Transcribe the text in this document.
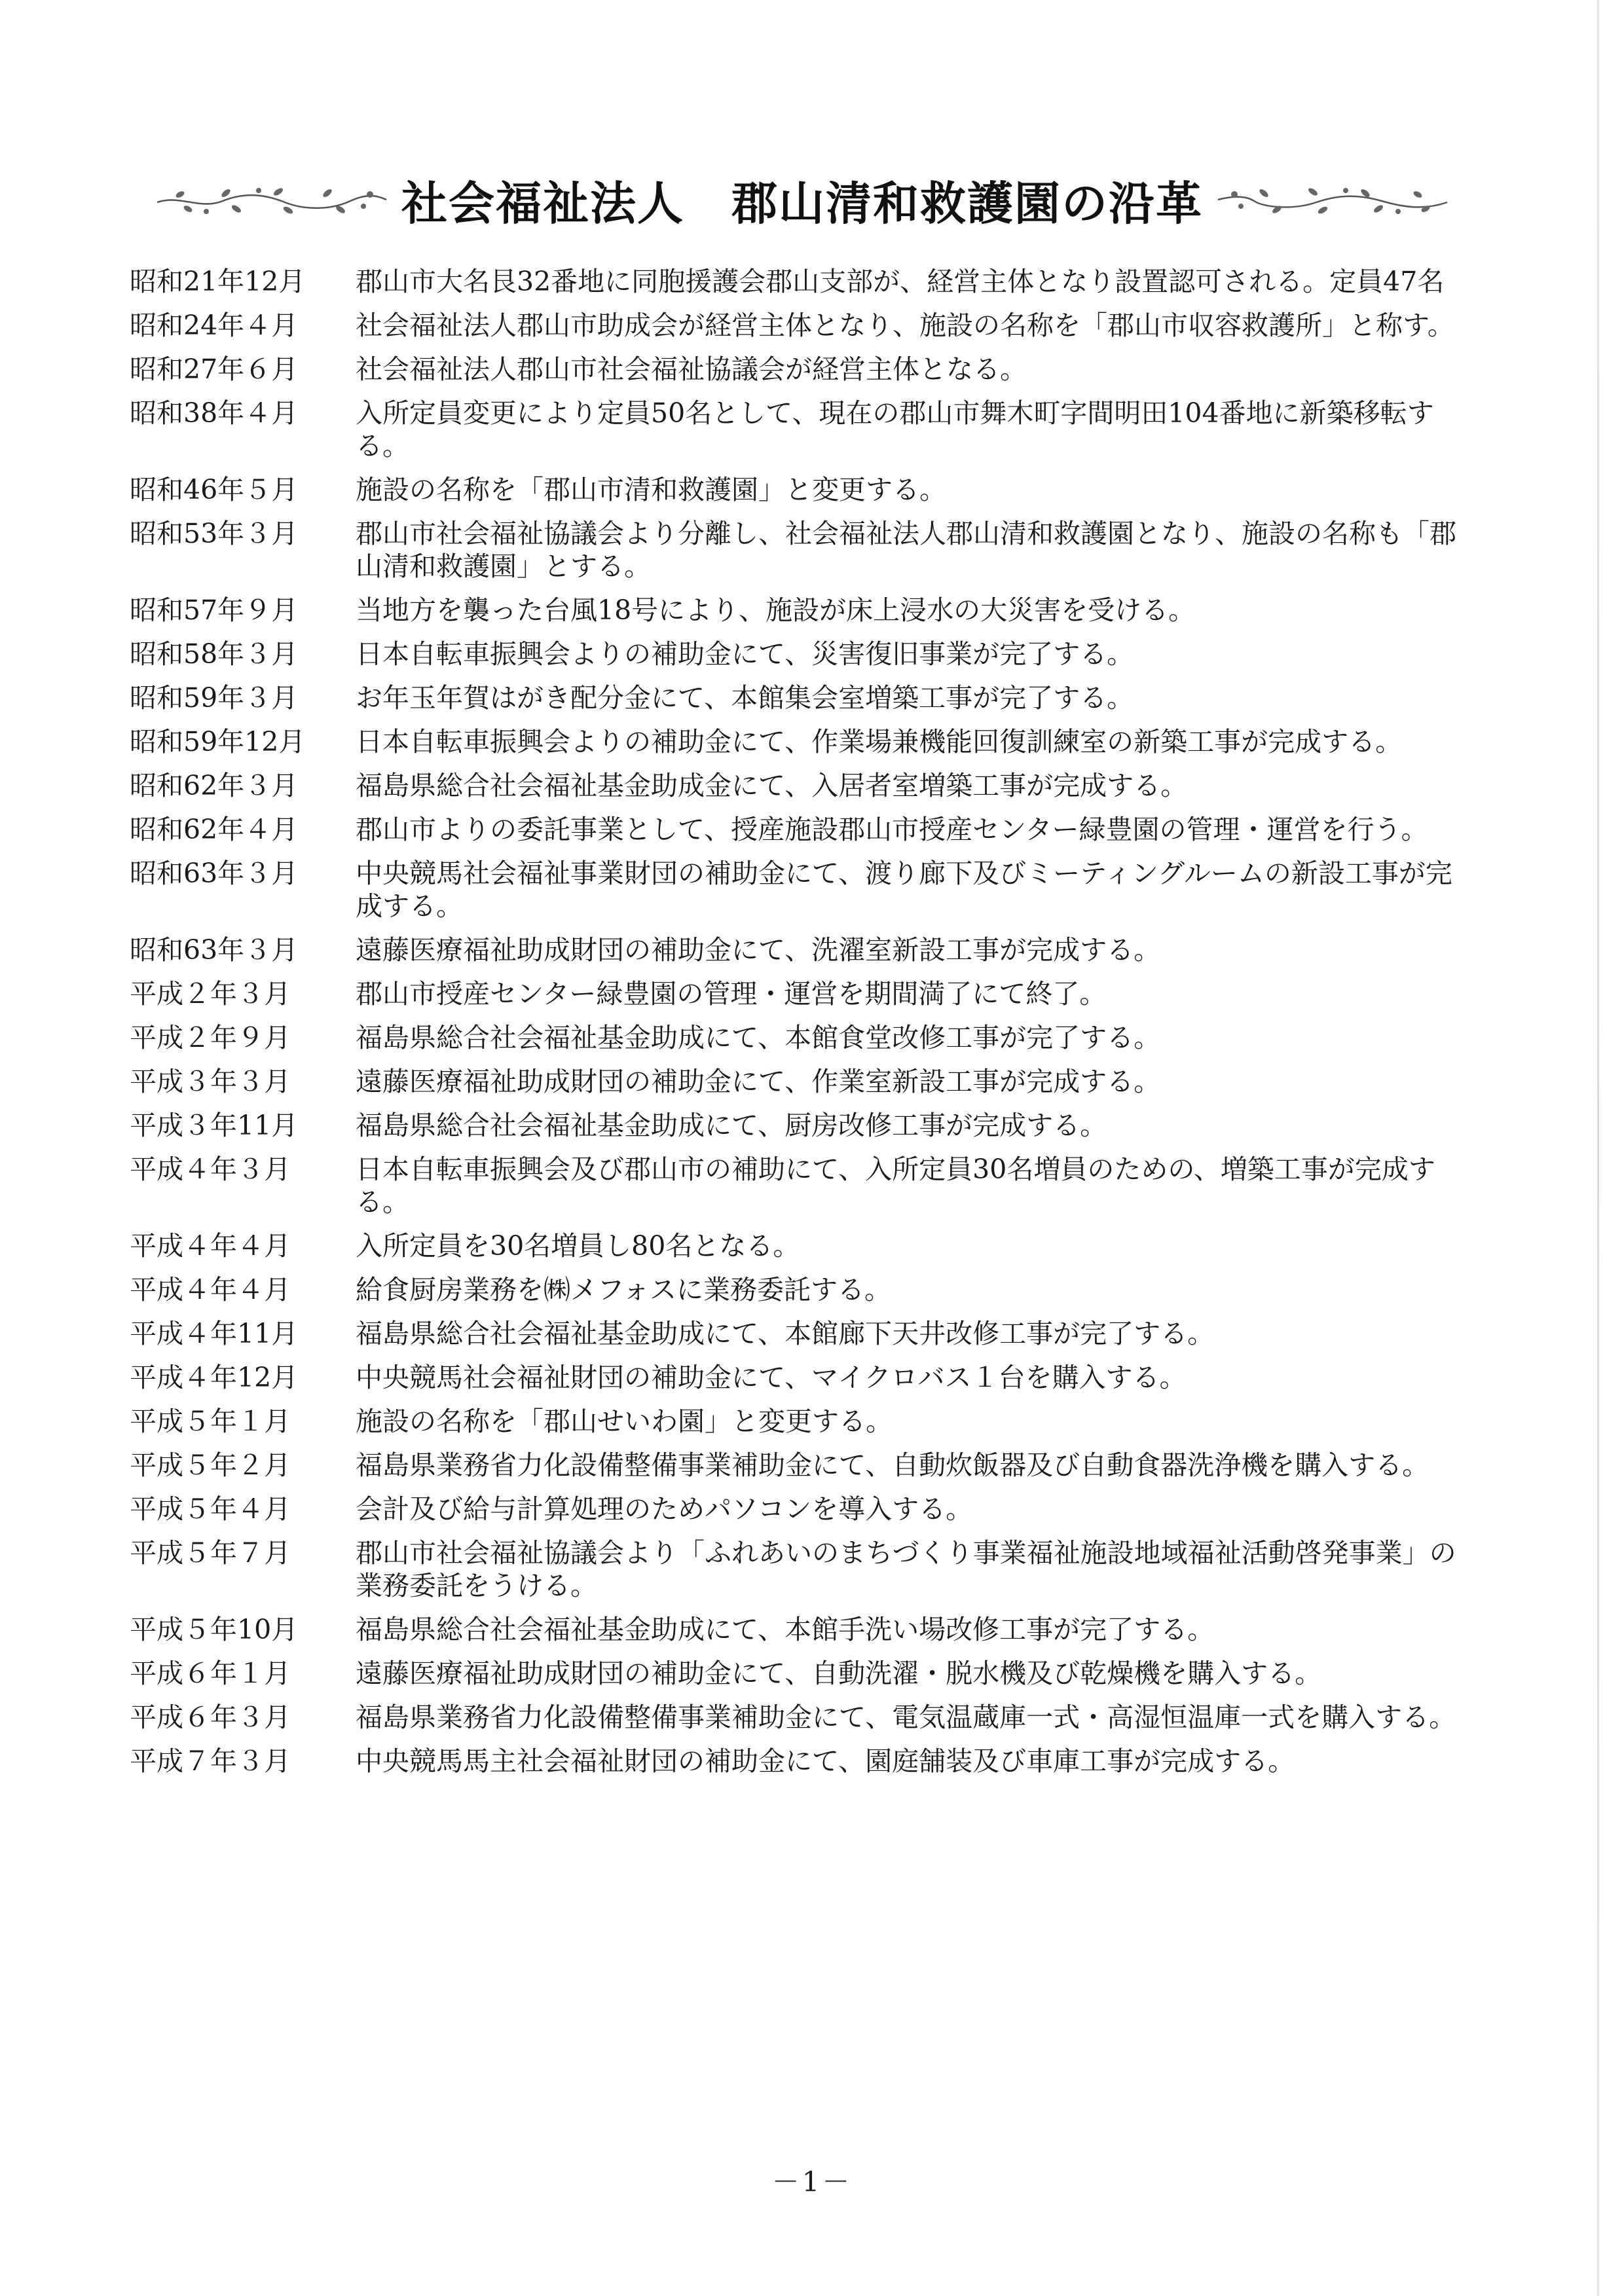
社会福祉法人　郡山清和救護園の沿革
昭和21年12月	郡山市大名艮32番地に同胞援護会郡山支部が、経営主体となり設置認可される。定員47名
昭和24年４月	社会福祉法人郡山市助成会が経営主体となり、施設の名称を「郡山市収容救護所」と称す。
昭和27年６月	社会福祉法人郡山市社会福祉協議会が経営主体となる。
昭和38年４月	入所定員変更により定員50名として、現在の郡山市舞木町字間明田104番地に新築移転する。
昭和46年５月	施設の名称を「郡山市清和救護園」と変更する。
昭和53年３月	郡山市社会福祉協議会より分離し、社会福祉法人郡山清和救護園となり、施設の名称も「郡山清和救護園」とする。
昭和57年９月	当地方を襲った台風18号により、施設が床上浸水の大災害を受ける。
昭和58年３月	日本自転車振興会よりの補助金にて、災害復旧事業が完了する。
昭和59年３月	お年玉年賀はがき配分金にて、本館集会室増築工事が完了する。
昭和59年12月	日本自転車振興会よりの補助金にて、作業場兼機能回復訓練室の新築工事が完成する。
昭和62年３月	福島県総合社会福祉基金助成金にて、入居者室増築工事が完成する。
昭和62年４月	郡山市よりの委託事業として、授産施設郡山市授産センター緑豊園の管理・運営を行う。
昭和63年３月	中央競馬社会福祉事業財団の補助金にて、渡り廊下及びミーティングルームの新設工事が完成する。
昭和63年３月	遠藤医療福祉助成財団の補助金にて、洗濯室新設工事が完成する。
平成２年３月	郡山市授産センター緑豊園の管理・運営を期間満了にて終了。
平成２年９月	福島県総合社会福祉基金助成にて、本館食堂改修工事が完了する。
平成３年３月	遠藤医療福祉助成財団の補助金にて、作業室新設工事が完成する。
平成３年11月	福島県総合社会福祉基金助成にて、厨房改修工事が完成する。
平成４年３月	日本自転車振興会及び郡山市の補助にて、入所定員30名増員のための、増築工事が完成する。
平成４年４月	入所定員を30名増員し80名となる。
平成４年４月	給食厨房業務を㈱メフォスに業務委託する。
平成４年11月	福島県総合社会福祉基金助成にて、本館廊下天井改修工事が完了する。
平成４年12月	中央競馬社会福祉財団の補助金にて、マイクロバス１台を購入する。
平成５年１月	施設の名称を「郡山せいわ園」と変更する。
平成５年２月	福島県業務省力化設備整備事業補助金にて、自動炊飯器及び自動食器洗浄機を購入する。
平成５年４月	会計及び給与計算処理のためパソコンを導入する。
平成５年７月	郡山市社会福祉協議会より「ふれあいのまちづくり事業福祉施設地域福祉活動啓発事業」の業務委託をうける。
平成５年10月	福島県総合社会福祉基金助成にて、本館手洗い場改修工事が完了する。
平成６年１月	遠藤医療福祉助成財団の補助金にて、自動洗濯・脱水機及び乾燥機を購入する。
平成６年３月	福島県業務省力化設備整備事業補助金にて、電気温蔵庫一式・高湿恒温庫一式を購入する。
平成７年３月	中央競馬馬主社会福祉財団の補助金にて、園庭舗装及び車庫工事が完成する。
－1－
